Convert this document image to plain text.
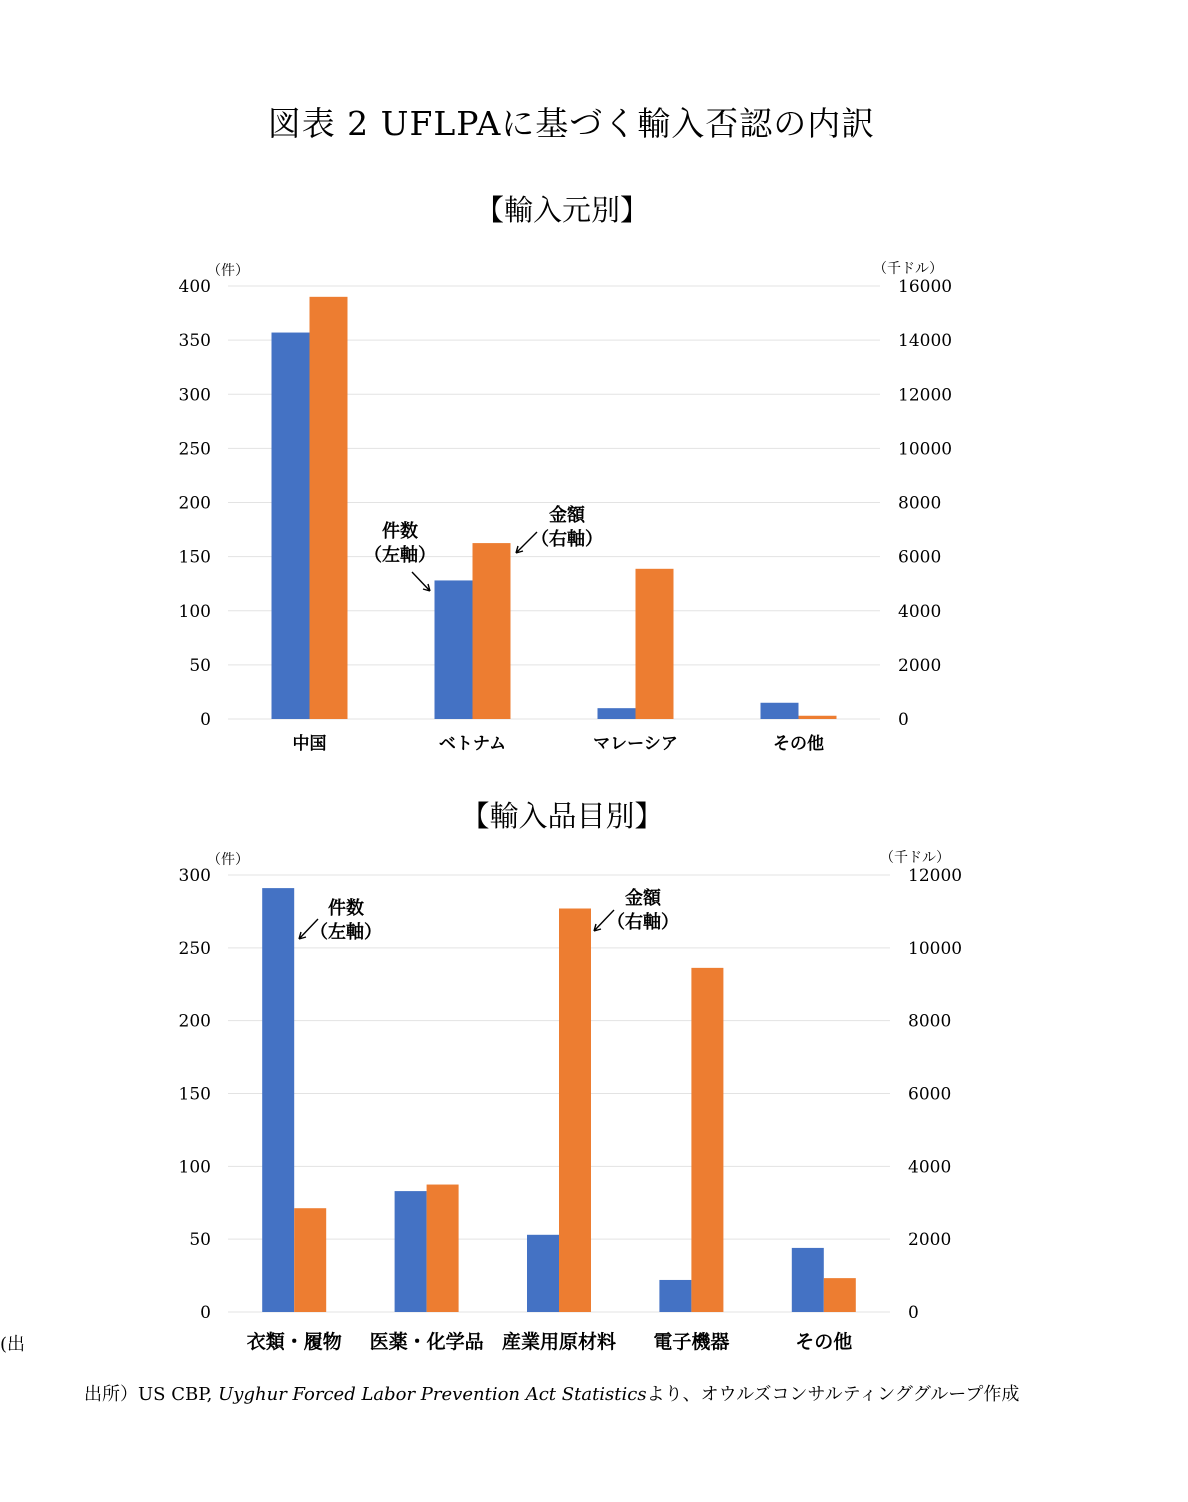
図表 2 UFLPAに基づく輸入否認の内訳
【輸入元別】
（件）	（千ドル）
0
50
100
150
200
250
300
350
400
0
2000
4000
6000
8000
10000
12000
14000
16000
中国	ベトナム	マレーシア	その他
件数
（左軸）
金額
（右軸）
【輸入品目別】
（件）	（千ドル）
0
50
100
150
200
250
300
0
2000
4000
6000
8000
10000
12000
衣類・履物 医薬・化学品 産業用原材料 電子機器	その他
件数
（左軸）
金額
（右軸）
(出
出所）US CBP, Uyghur Forced Labor Prevention Act Statisticsより、オウルズコンサルティンググループ作成
